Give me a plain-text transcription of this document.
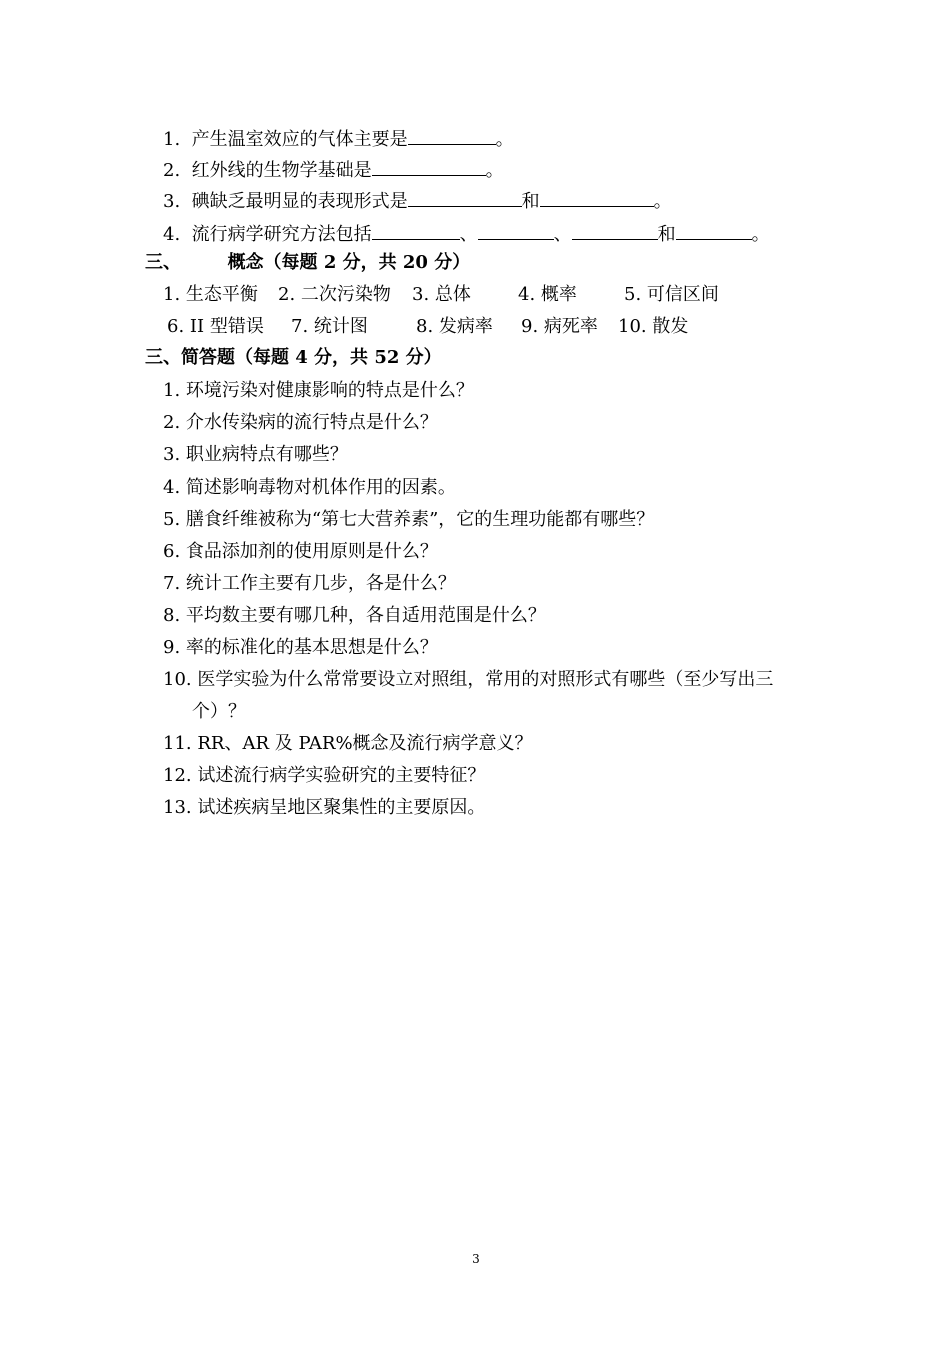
1. 产生温室效应的气体主要是	。
2. 红外线的生物学基础是	。
3. 碘缺乏最明显的表现形式是	和	。
4. 流行病学研究方法包括	、	、	和	。
三、	概念（每题 2 分，共 20 分）
1. 生态平衡 2. 二次污染物 3. 总体	4. 概率	5. 可信区间
6. II 型错误 7. 统计图	8. 发病率 9. 病死率 10. 散发
三、简答题（每题 4 分，共 52 分）
1. 环境污染对健康影响的特点是什么？
2. 介水传染病的流行特点是什么？
3. 职业病特点有哪些？
4. 简述影响毒物对机体作用的因素。
5. 膳食纤维被称为“第七大营养素”，它的生理功能都有哪些？
6. 食品添加剂的使用原则是什么？
7. 统计工作主要有几步，各是什么？
8. 平均数主要有哪几种，各自适用范围是什么？
9. 率的标准化的基本思想是什么？
10. 医学实验为什么常常要设立对照组，常用的对照形式有哪些（至少写出三
个）？
11. RR、AR 及 PAR%概念及流行病学意义？
12. 试述流行病学实验研究的主要特征？
13. 试述疾病呈地区聚集性的主要原因。
3
